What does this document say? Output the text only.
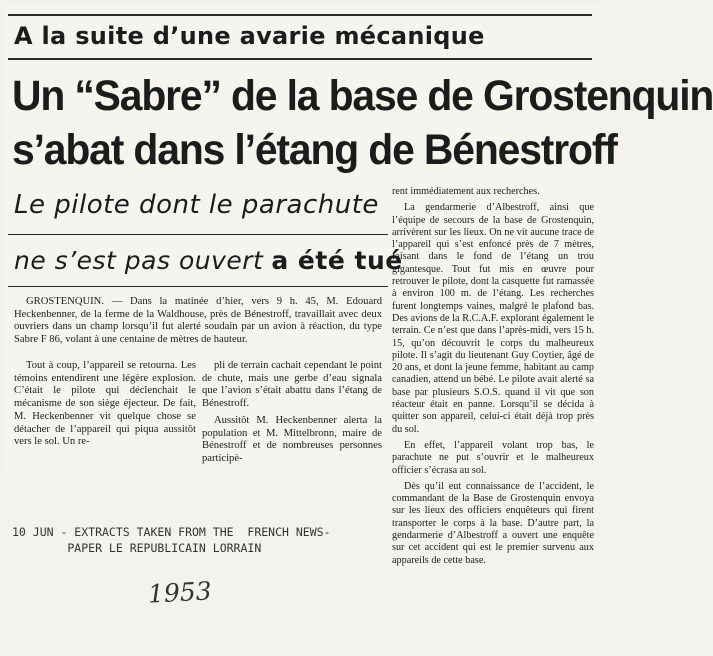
A la suite d’une avarie mécanique
Un “Sabre” de la base de Grostenquin
s’abat dans l’étang de Bénestroff
Le pilote dont le parachute
ne s’est pas ouvert a été tué

GROSTENQUIN. — Dans la matinée d’hier, vers 9 h. 45, M. Edouard Heckenbenner, de la ferme de la Waldhouse, près de Bénestroff, travaillait avec deux ouvriers dans un champ lorsqu’il fut alerté soudain par un avion à réaction, du type Sabre F 86, volant à une centaine de mètres de hauteur.

Tout à coup, l’appareil se retourna. Les témoins entendirent une légère explosion. C’était le pilote qui déclenchait le mécanisme de son siège éjecteur. De fait, M. Heckenbenner vit quelque chose se détacher de l’appareil qui piqua aussitôt vers le sol. Un re-

pli de terrain cachait cependant le point de chute, mais une gerbe d’eau signala que l’avion s’était abattu dans l’étang de Bénestroff.

Aussitôt M. Heckenbenner alerta la population et M. Mittelbronn, maire de Bénestroff et de nombreuses personnes participè-

rent immédiatement aux recherches.

La gendarmerie d’Albestroff, ainsi que l’équipe de secours de la base de Grostenquin, arrivèrent sur les lieux. On ne vit aucune trace de l’appareil qui s’est enfoncé près de 7 mètres, faisant dans le fond de l’étang un trou gigantesque. Tout fut mis en œuvre pour retrouver le pilote, dont la casquette fut ramassée à environ 100 m. de l’étang. Les recherches furent longtemps vaines, malgré le plafond bas. Des avions de la R.C.A.F. explorant également le terrain. Ce n’est que dans l’après-midi, vers 15 h. 15, qu’on découvrit le corps du malheureux pilote. Il s’agit du lieutenant Guy Coytier, âgé de 20 ans, et dont la jeune femme, habitant au camp canadien, attend un bébé. Le pilote avait alerté sa base par plusieurs S.O.S. quand il vit que son réacteur était en panne. Lorsqu’il se décida à quitter son appareil, celui-ci était déjà trop près du sol.

En effet, l’appareil volant trop bas, le parachute ne put s’ouvrir et le malheureux officier s’écrasa au sol.

Dès qu’il eut connaissance de l’accident, le commandant de la Base de Grostenquin envoya sur les lieux des officiers enquêteurs qui firent transporter le corps à la base. D’autre part, la gendarmerie d’Albestroff a ouvert une enquête sur cet accident qui est le premier survenu aux appareils de cette base.

10 JUN - EXTRACTS TAKEN FROM THE  FRENCH NEWS-
PAPER LE REPUBLICAIN LORRAIN
1953
